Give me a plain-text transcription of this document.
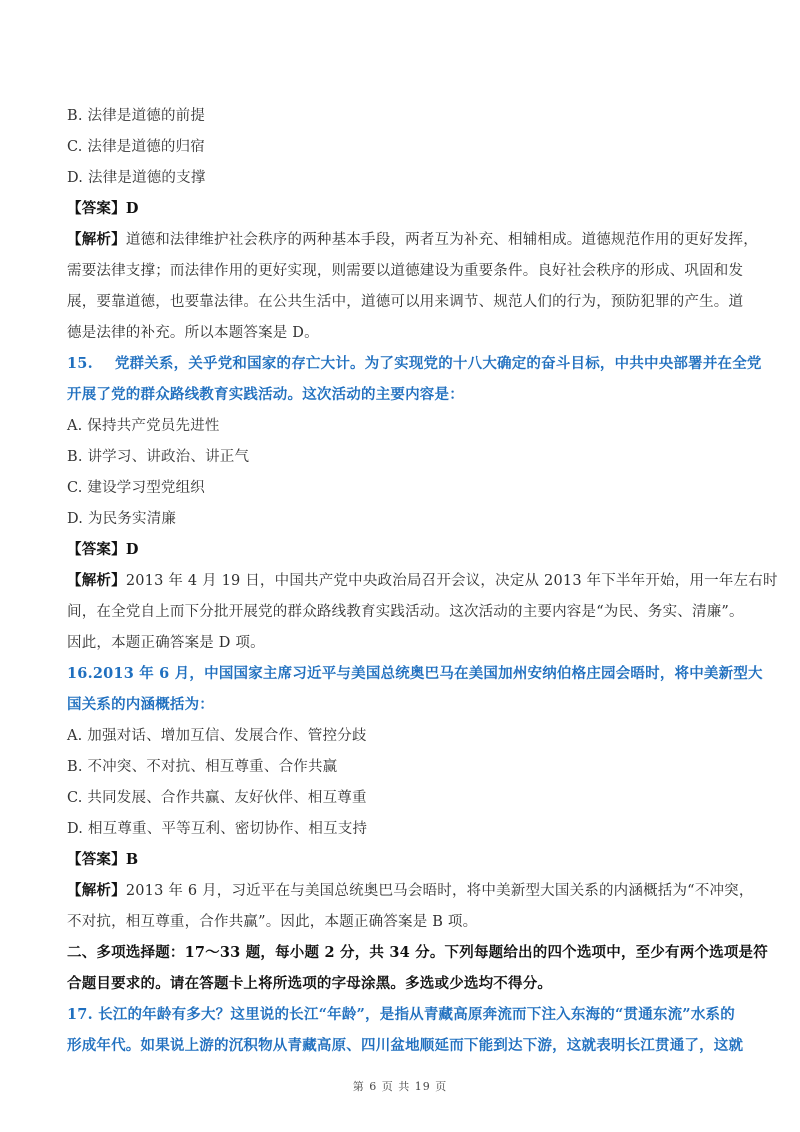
B. 法律是道德的前提
C. 法律是道德的归宿
D. 法律是道德的支撑
【答案】D
【解析】道德和法律维护社会秩序的两种基本手段，两者互为补充、相辅相成。道德规范作用的更好发挥，
需要法律支撑；而法律作用的更好实现，则需要以道德建设为重要条件。良好社会秩序的形成、巩固和发
展，要靠道德，也要靠法律。在公共生活中，道德可以用来调节、规范人们的行为，预防犯罪的产生。道
德是法律的补充。所以本题答案是 D。
15. 党群关系，关乎党和国家的存亡大计。为了实现党的十八大确定的奋斗目标，中共中央部署并在全党
开展了党的群众路线教育实践活动。这次活动的主要内容是：
A. 保持共产党员先进性
B. 讲学习、讲政治、讲正气
C. 建设学习型党组织
D. 为民务实清廉
【答案】D
【解析】2013 年 4 月 19 日，中国共产党中央政治局召开会议，决定从 2013 年下半年开始，用一年左右时
间，在全党自上而下分批开展党的群众路线教育实践活动。这次活动的主要内容是“为民、务实、清廉”。
因此，本题正确答案是 D 项。
16.2013 年 6 月，中国国家主席习近平与美国总统奥巴马在美国加州安纳伯格庄园会晤时，将中美新型大
国关系的内涵概括为：
A. 加强对话、增加互信、发展合作、管控分歧
B. 不冲突、不对抗、相互尊重、合作共赢
C. 共同发展、合作共赢、友好伙伴、相互尊重
D. 相互尊重、平等互利、密切协作、相互支持
【答案】B
【解析】2013 年 6 月，习近平在与美国总统奥巴马会晤时，将中美新型大国关系的内涵概括为“不冲突，
不对抗，相互尊重，合作共赢”。因此，本题正确答案是 B 项。
二、多项选择题：17～33 题，每小题 2 分，共 34 分。下列每题给出的四个选项中，至少有两个选项是符
合题目要求的。请在答题卡上将所选项的字母涂黑。多选或少选均不得分。
17. 长江的年龄有多大？这里说的长江“年龄”，是指从青藏高原奔流而下注入东海的“贯通东流”水系的
形成年代。如果说上游的沉积物从青藏高原、四川盆地顺延而下能到达下游，这就表明长江贯通了，这就
第 6 页 共 19 页
